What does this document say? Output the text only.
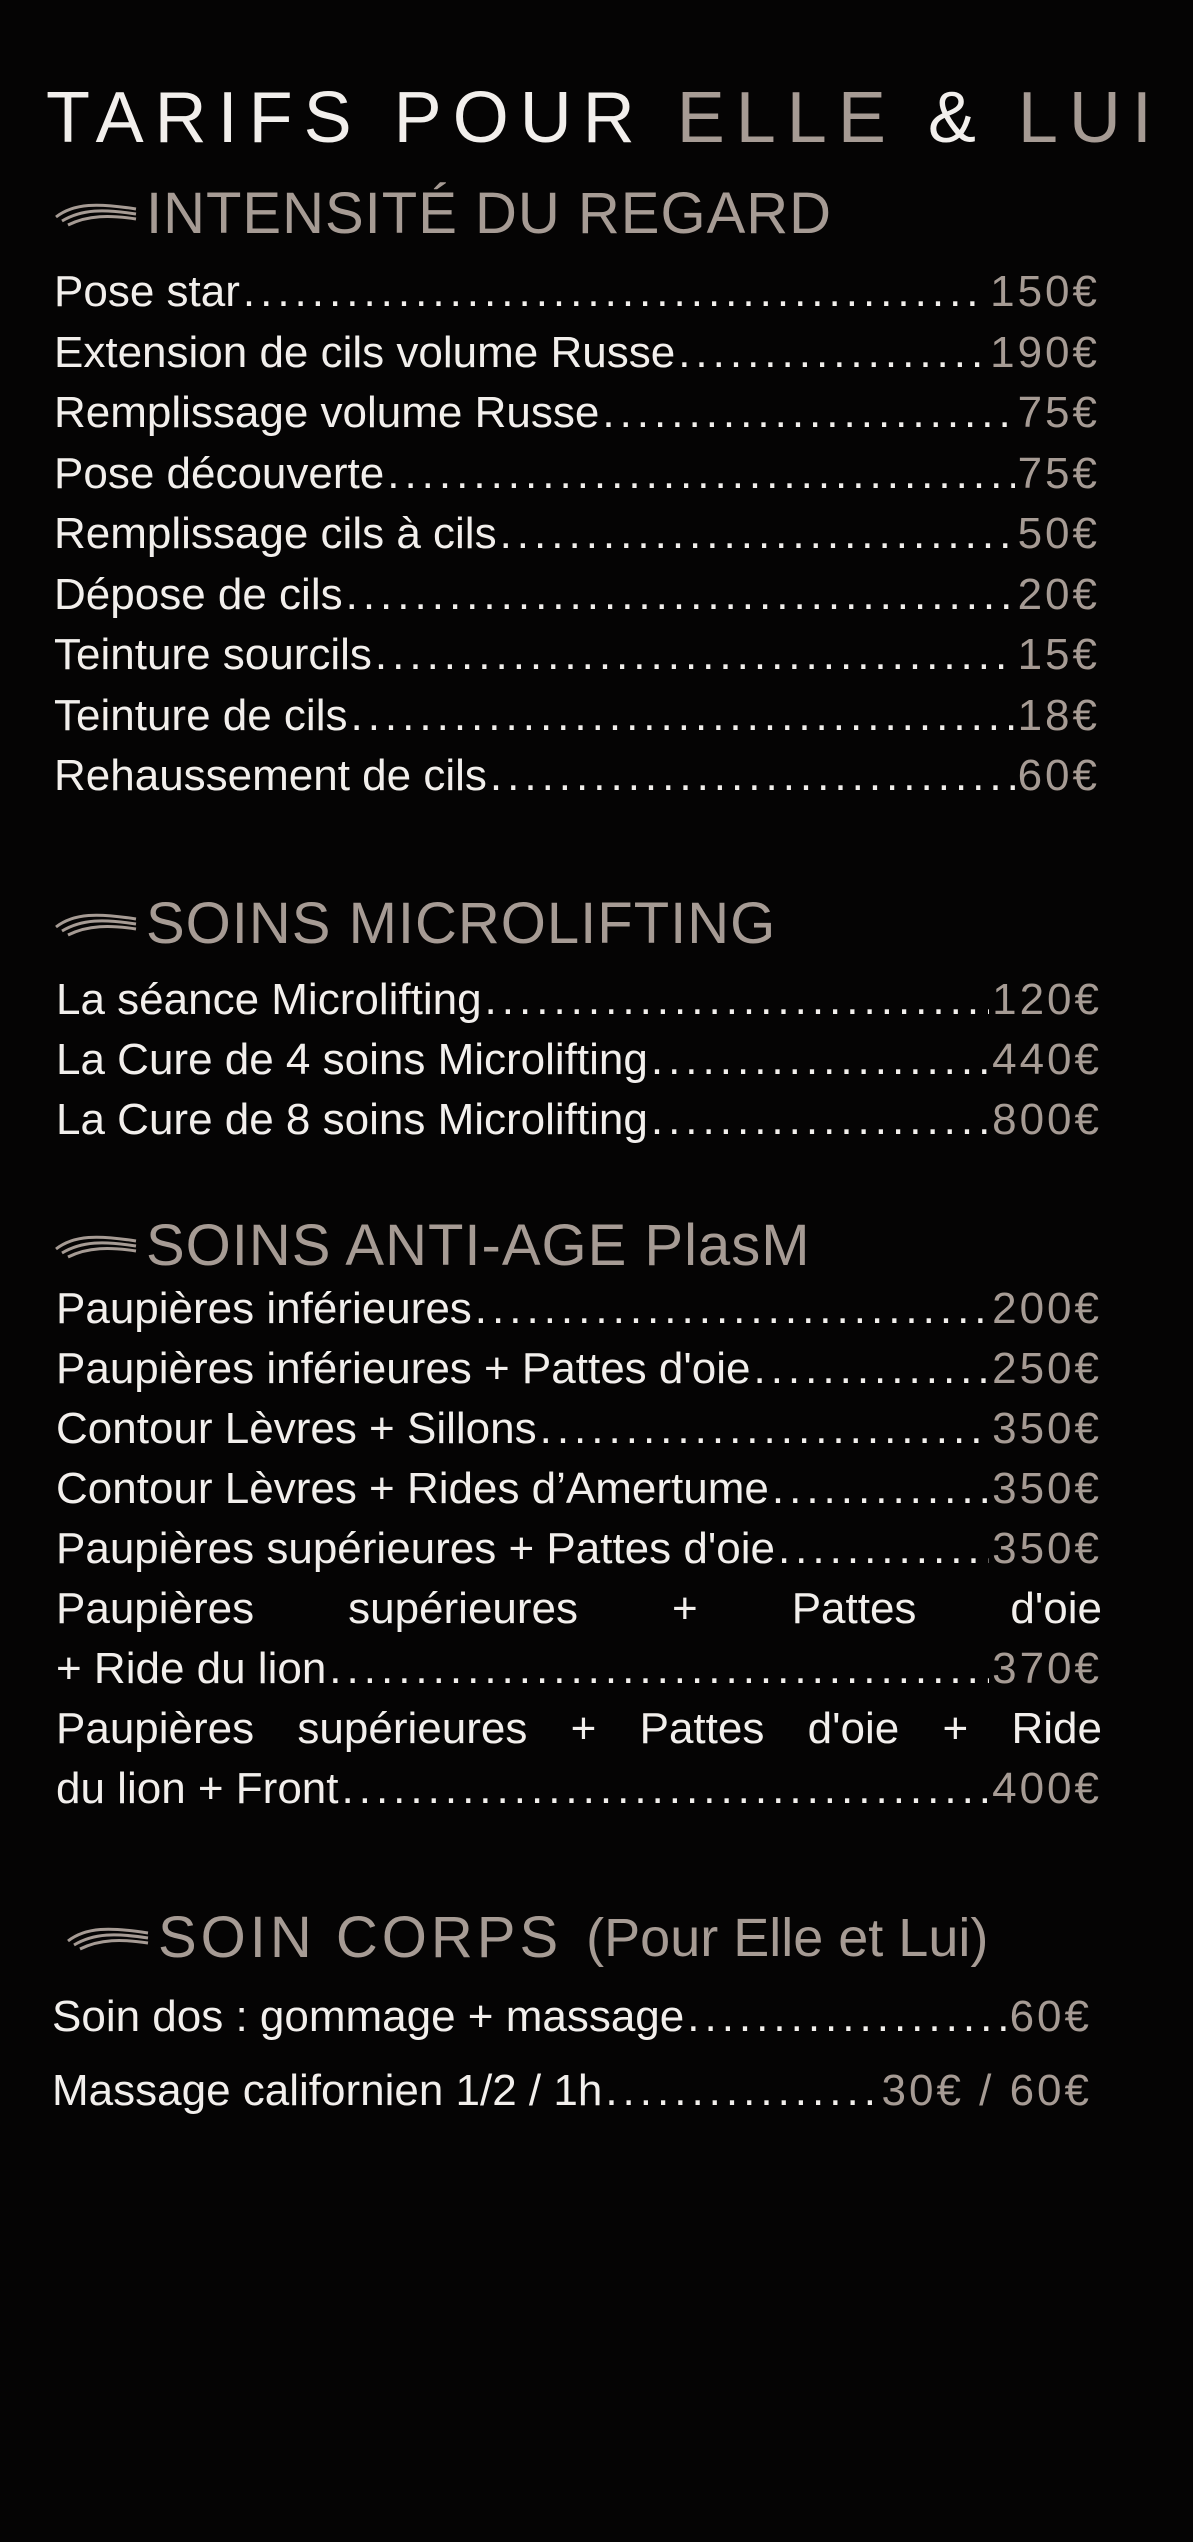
TARIFS POUR ELLE & LUI
INTENSITÉ DU REGARD
Pose star .....	150€
Extension de cils volume Russe .....	190€
Remplissage volume Russe .....	75€
Pose découverte .....	75€
Remplissage cils à cils .....	50€
Dépose de cils .....	20€
Teinture sourcils .....	15€
Teinture de cils .....	18€
Rehaussement de cils .....	60€
SOINS MICROLIFTING
La séance Microlifting .....	120€
La Cure de 4 soins Microlifting .....	440€
La Cure de 8 soins Microlifting .....	800€
SOINS ANTI-AGE PlasM
Paupières inférieures .....	200€
Paupières inférieures + Pattes d'oie .....	250€
Contour Lèvres + Sillons .....	350€
Contour Lèvres + Rides d’Amertume .....	350€
Paupières supérieures + Pattes d'oie .....	350€
Paupières supérieures + Pattes d'oie
+ Ride du lion .....	370€
Paupières supérieures + Pattes d'oie + Ride
du lion + Front .....	400€
SOIN CORPS (Pour Elle et Lui)
Soin dos : gommage + massage .....	60€
Massage californien 1/2 / 1h .....	30€ / 60€
